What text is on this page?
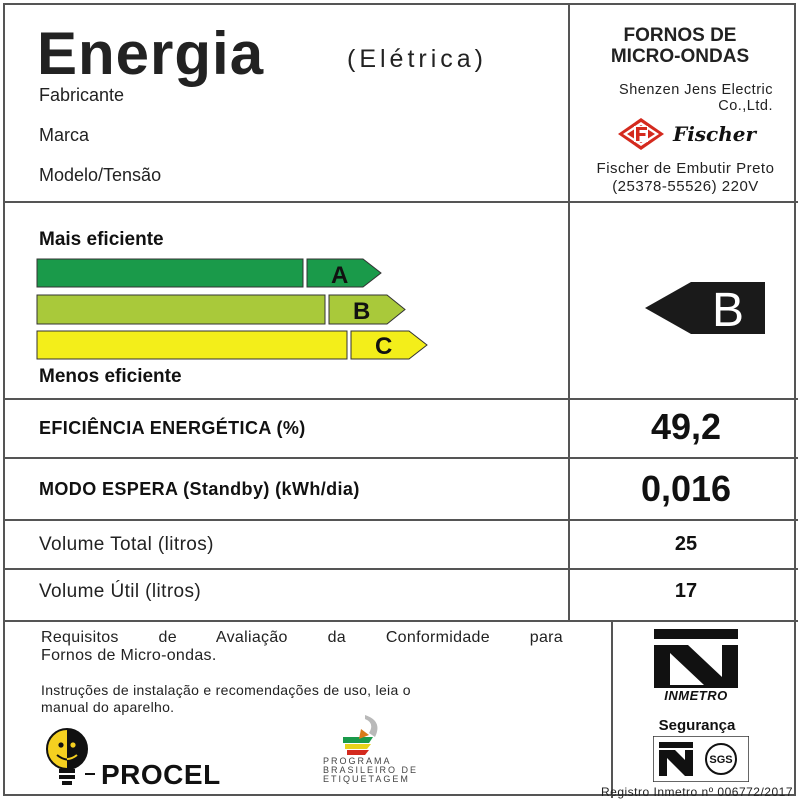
Energia	(Elétrica)
Fabricante
Marca
Modelo/Tensão
FORNOS DE
MICRO-ONDAS
Shenzen Jens Electric
Co.,Ltd.
Fischer
Fischer de Embutir Preto
(25378-55526) 220V
Mais eficiente
Menos eficiente
A
B
C
B
EFICIÊNCIA ENERGÉTICA (%)	49,2
MODO ESPERA (Standby) (kWh/dia)	0,016
Volume Total (litros)	25
Volume Útil (litros)	17
Requisitos de Avaliação da Conformidade para
Fornos de Micro-ondas.
Instruções de instalação e recomendações de uso, leia o
manual do aparelho.
PROCEL	PROGRAMA
BRASILEIRO DE
ETIQUETAGEM
INMETRO
Segurança
SGS
Registro Inmetro nº 006772/2017
